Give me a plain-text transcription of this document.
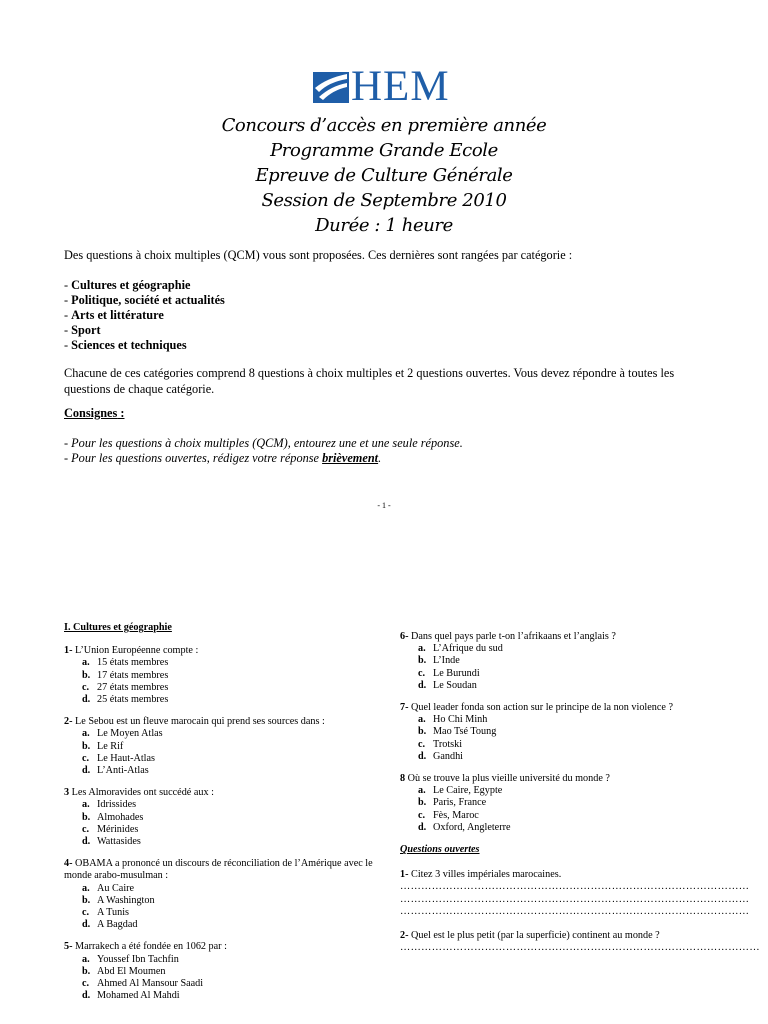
HEM
Concours d’accès en première année
Programme Grande Ecole
Epreuve de Culture Générale
Session de Septembre 2010
Durée : 1 heure
Des questions à choix multiples (QCM) vous sont proposées. Ces dernières sont rangées par catégorie :
- Cultures et géographie
- Politique, société et actualités
- Arts et littérature
- Sport
- Sciences et techniques
Chacune de ces catégories comprend 8 questions à choix multiples et 2 questions ouvertes. Vous devez répondre à toutes les questions de chaque catégorie.
Consignes :
- Pour les questions à choix multiples (QCM), entourez une et une seule réponse.
- Pour les questions ouvertes, rédigez votre réponse brièvement.
- 1 -
I. Cultures et géographie
1- L’Union Européenne compte :
a. 15 états membres
b. 17 états membres
c. 27 états membres
d. 25 états membres
2- Le Sebou est un fleuve marocain qui prend ses sources dans :
a. Le Moyen Atlas
b. Le Rif
c. Le Haut-Atlas
d. L’Anti-Atlas
3 Les Almoravides ont succédé aux :
a. Idrissides
b. Almohades
c. Mérinides
d. Wattasides
4- OBAMA a prononcé un discours de réconciliation de l’Amérique avec le monde arabo-musulman :
a. Au Caire
b. A Washington
c. A Tunis
d. A Bagdad
5- Marrakech a été fondée en 1062 par :
a. Youssef Ibn Tachfin
b. Abd El Moumen
c. Ahmed Al Mansour Saadi
d. Mohamed Al Mahdi
6- Dans quel pays parle t-on l’afrikaans et l’anglais ?
a. L’Afrique du sud
b. L’Inde
c. Le Burundi
d. Le Soudan
7- Quel leader fonda son action sur le principe de la non violence ?
a. Ho Chi Minh
b. Mao Tsé Toung
c. Trotski
d. Gandhi
8 Où se trouve la plus vieille université du monde ?
a. Le Caire, Egypte
b. Paris, France
c. Fès, Maroc
d. Oxford, Angleterre
Questions ouvertes
1- Citez 3 villes impériales marocaines.
………………………………………………………………………………………
………………………………………………………………………………………
………………………………………………………………………………………
2- Quel est le plus petit (par la superficie) continent au monde ?
…………………………………………………………………………………………
